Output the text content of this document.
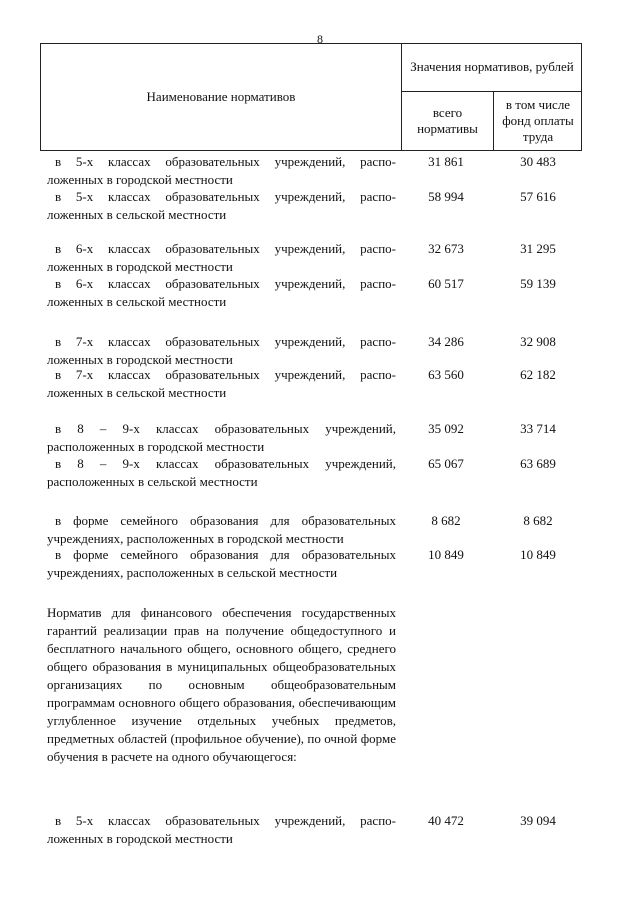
8
Наименование нормативов
Значения нормативов, рублей
всего нормативы
в том числе фонд оплаты труда
в 5-х классах образовательных учреждений, распо-
ложенных в городской местности
31 861	30 483
в 5-х классах образовательных учреждений, распо-
ложенных в сельской местности
58 994	57 616
в 6-х классах образовательных учреждений, распо-
ложенных в городской местности
32 673	31 295
в 6-х классах образовательных учреждений, распо-
ложенных в сельской местности
60 517	59 139
в 7-х классах образовательных учреждений, распо-
ложенных в городской местности
34 286	32 908
в 7-х классах образовательных учреждений, распо-
ложенных в сельской местности
63 560	62 182
в 8 – 9-х классах образовательных учреждений,
расположенных в городской местности
35 092	33 714
в 8 – 9-х классах образовательных учреждений,
расположенных в сельской местности
65 067	63 689
в форме семейного образования для образовательных
учреждениях, расположенных в городской местности
8 682	8 682
в форме семейного образования для образовательных
учреждениях, расположенных в сельской местности
10 849	10 849
Норматив для финансового обеспечения государственных гарантий реализации прав на получение общедоступного и бесплатного начального общего, основного общего, среднего общего образования в муниципальных общеобразовательных организациях по основным общеобразовательным программам основного общего образования, обеспечивающим углубленное изучение отдельных учебных предметов, предметных областей (профильное обучение), по очной форме обучения в расчете на одного обучающегося:
в 5-х классах образовательных учреждений, распо-
ложенных в городской местности
40 472	39 094
